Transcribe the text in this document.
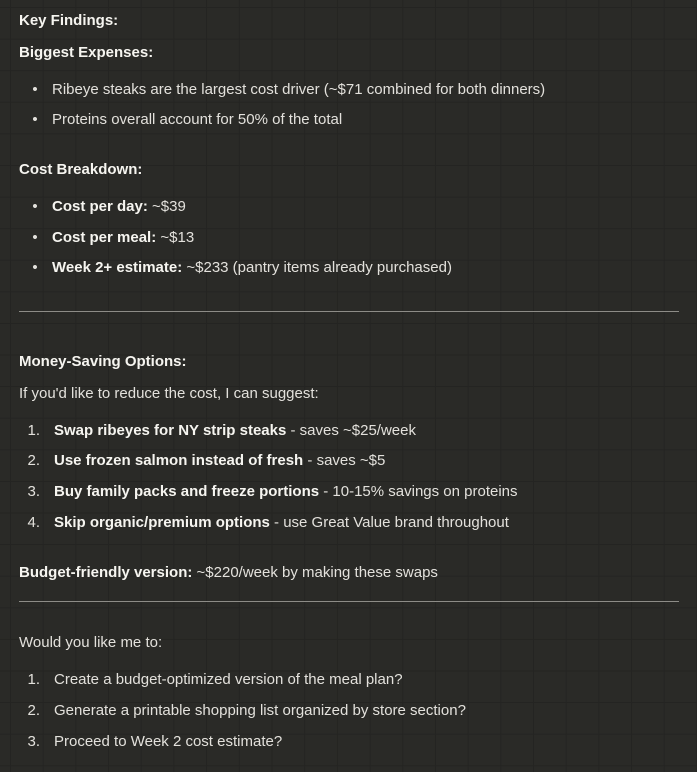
Key Findings:

Biggest Expenses:

• Ribeye steaks are the largest cost driver (~$71 combined for both dinners)
• Proteins overall account for 50% of the total

Cost Breakdown:

• Cost per day: ~$39
• Cost per meal: ~$13
• Week 2+ estimate: ~$233 (pantry items already purchased)

Money-Saving Options:

If you'd like to reduce the cost, I can suggest:

1. Swap ribeyes for NY strip steaks - saves ~$25/week
2. Use frozen salmon instead of fresh - saves ~$5
3. Buy family packs and freeze portions - 10-15% savings on proteins
4. Skip organic/premium options - use Great Value brand throughout

Budget-friendly version: ~$220/week by making these swaps

Would you like me to:

1. Create a budget-optimized version of the meal plan?
2. Generate a printable shopping list organized by store section?
3. Proceed to Week 2 cost estimate?
